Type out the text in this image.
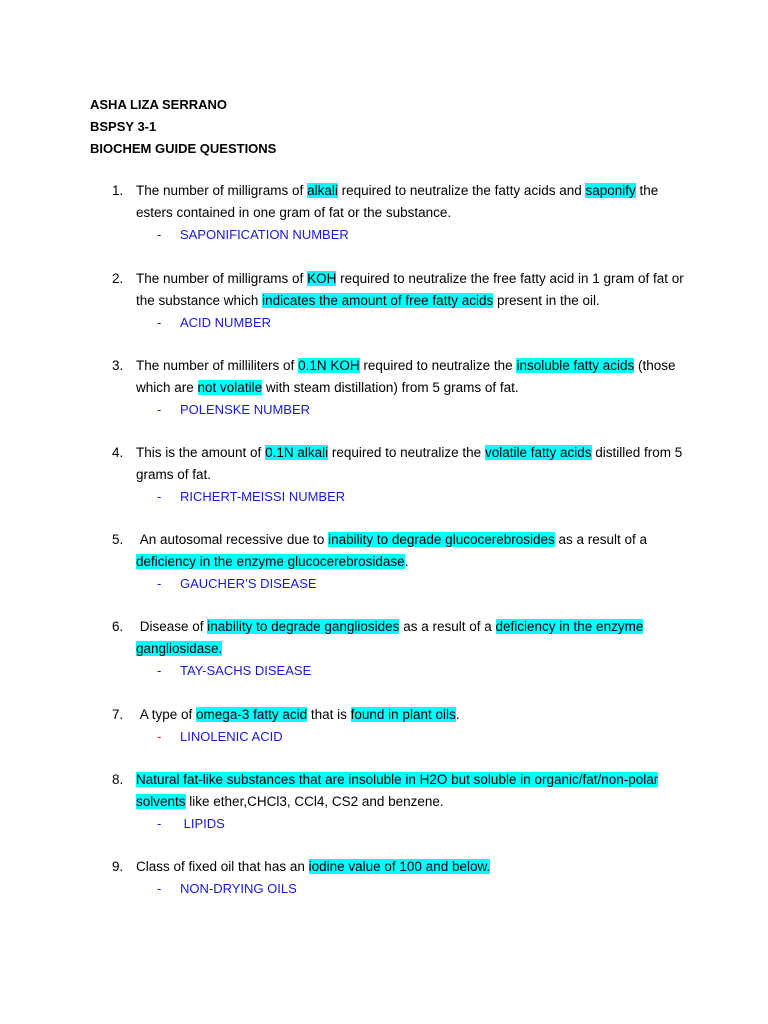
ASHA LIZA SERRANO
BSPSY 3-1
BIOCHEM GUIDE QUESTIONS
1. The number of milligrams of alkali required to neutralize the fatty acids and saponify the esters contained in one gram of fat or the substance.
- SAPONIFICATION NUMBER
2. The number of milligrams of KOH required to neutralize the free fatty acid in 1 gram of fat or the substance which indicates the amount of free fatty acids present in the oil.
- ACID NUMBER
3. The number of milliliters of 0.1N KOH required to neutralize the insoluble fatty acids (those which are not volatile with steam distillation) from 5 grams of fat.
- POLENSKE NUMBER
4. This is the amount of 0.1N alkali required to neutralize the volatile fatty acids distilled from 5 grams of fat.
- RICHERT-MEISSI NUMBER
5. An autosomal recessive due to inability to degrade glucocerebrosides as a result of a deficiency in the enzyme glucocerebrosidase.
- GAUCHER’S DISEASE
6. Disease of inability to degrade gangliosides as a result of a deficiency in the enzyme gangliosidase.
- TAY-SACHS DISEASE
7. A type of omega-3 fatty acid that is found in plant oils.
- LINOLENIC ACID
8. Natural fat-like substances that are insoluble in H2O but soluble in organic/fat/non-polar solvents like ether,CHCl3, CCl4, CS2 and benzene.
- LIPIDS
9. Class of fixed oil that has an iodine value of 100 and below.
- NON-DRYING OILS
